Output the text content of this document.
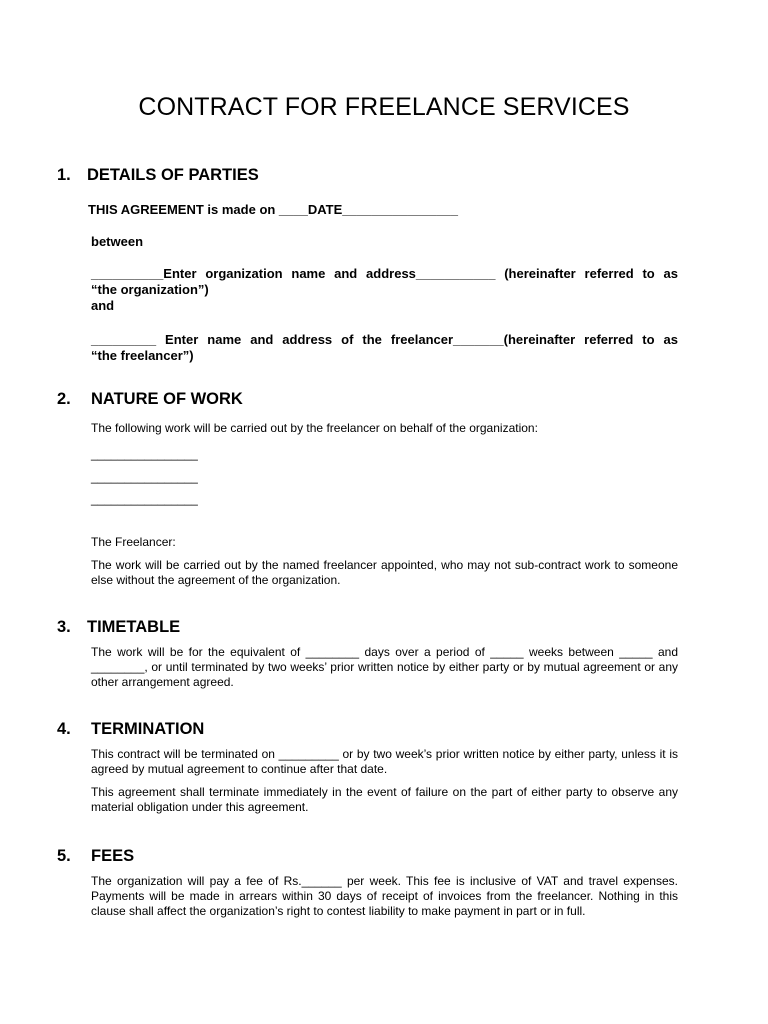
CONTRACT FOR FREELANCE SERVICES
1. DETAILS OF PARTIES
THIS AGREEMENT is made on ____DATE________________
between
__________Enter organization name and address___________ (hereinafter referred to as
“the organization”)
and
_________ Enter name and address of the freelancer_______(hereinafter referred to as
“the freelancer”)
2. NATURE OF WORK
The following work will be carried out by the freelancer on behalf of the organization:
________________
________________
________________
The Freelancer:
The work will be carried out by the named freelancer appointed, who may not sub-contract work to someone else without the agreement of the organization.
3. TIMETABLE
The work will be for the equivalent of ________ days over a period of _____ weeks between _____ and ________, or until terminated by two weeks’ prior written notice by either party or by mutual agreement or any other arrangement agreed.
4. TERMINATION
This contract will be terminated on _________ or by two week’s prior written notice by either party, unless it is agreed by mutual agreement to continue after that date.
This agreement shall terminate immediately in the event of failure on the part of either party to observe any material obligation under this agreement.
5. FEES
The organization will pay a fee of Rs.______ per week. This fee is inclusive of VAT and travel expenses. Payments will be made in arrears within 30 days of receipt of invoices from the freelancer. Nothing in this clause shall affect the organization’s right to contest liability to make payment in part or in full.
